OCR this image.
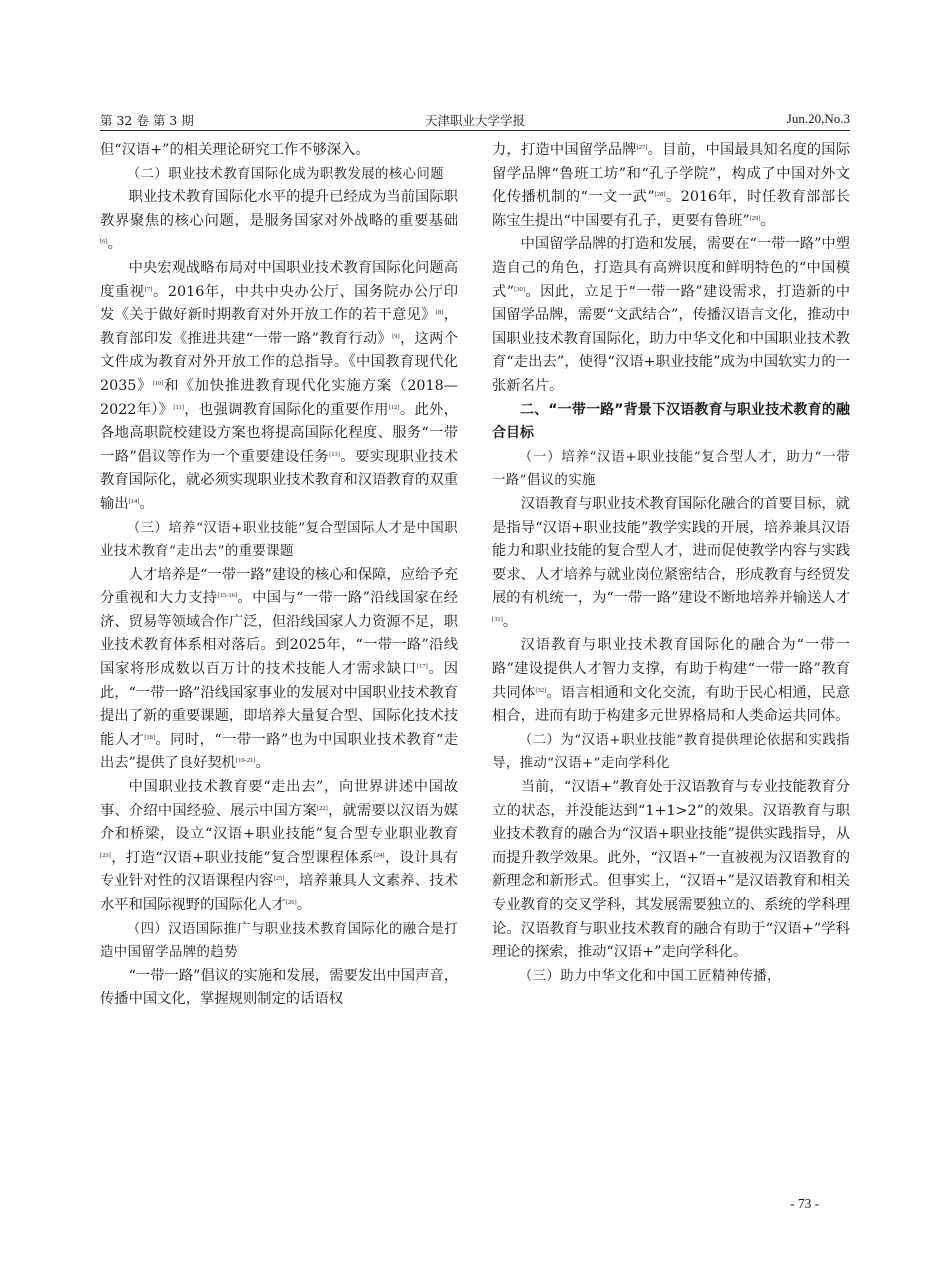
第 32 卷 第 3 期	天津职业大学学报	Jun.20,No.3

但“汉语+”的相关理论研究工作不够深入。

（二）职业技术教育国际化成为职教发展的核心问题

职业技术教育国际化水平的提升已经成为当前国际职教界聚焦的核心问题，是服务国家对外战略的重要基础[6]。

中央宏观战略布局对中国职业技术教育国际化问题高度重视[7]。2016年，中共中央办公厅、国务院办公厅印发《关于做好新时期教育对外开放工作的若干意见》[8]，教育部印发《推进共建“一带一路”教育行动》[9]，这两个文件成为教育对外开放工作的总指导。《中国教育现代化2035》[10]和《加快推进教育现代化实施方案（2018—2022年）》[11]，也强调教育国际化的重要作用[12]。此外，各地高职院校建设方案也将提高国际化程度、服务“一带一路”倡议等作为一个重要建设任务[13]。要实现职业技术教育国际化，就必须实现职业技术教育和汉语教育的双重输出[14]。

（三）培养“汉语+职业技能”复合型国际人才是中国职业技术教育“走出去”的重要课题

人才培养是“一带一路”建设的核心和保障，应给予充分重视和大力支持[15-16]。中国与“一带一路”沿线国家在经济、贸易等领域合作广泛，但沿线国家人力资源不足，职业技术教育体系相对落后。到2025年，“一带一路”沿线国家将形成数以百万计的技术技能人才需求缺口[17]。因此，“一带一路”沿线国家事业的发展对中国职业技术教育提出了新的重要课题，即培养大量复合型、国际化技术技能人才[18]。同时，“一带一路”也为中国职业技术教育“走出去”提供了良好契机[19-21]。

中国职业技术教育要“走出去”，向世界讲述中国故事、介绍中国经验、展示中国方案[22]，就需要以汉语为媒介和桥梁，设立“汉语+职业技能”复合型专业职业教育[23]，打造“汉语+职业技能”复合型课程体系[24]，设计具有专业针对性的汉语课程内容[25]，培养兼具人文素养、技术水平和国际视野的国际化人才[26]。

（四）汉语国际推广与职业技术教育国际化的融合是打造中国留学品牌的趋势

“一带一路”倡议的实施和发展，需要发出中国声音，传播中国文化，掌握规则制定的话语权

力，打造中国留学品牌[27]。目前，中国最具知名度的国际留学品牌“鲁班工坊”和“孔子学院”，构成了中国对外文化传播机制的“一文一武”[28]。2016年，时任教育部部长陈宝生提出“中国要有孔子，更要有鲁班”[29]。

中国留学品牌的打造和发展，需要在“一带一路”中塑造自己的角色，打造具有高辨识度和鲜明特色的“中国模式”[30]。因此，立足于“一带一路”建设需求，打造新的中国留学品牌，需要“文武结合”，传播汉语言文化，推动中国职业技术教育国际化，助力中华文化和中国职业技术教育“走出去”，使得“汉语+职业技能”成为中国软实力的一张新名片。

二、“一带一路”背景下汉语教育与职业技术教育的融合目标

（一）培养“汉语+职业技能”复合型人才，助力“一带一路”倡议的实施

汉语教育与职业技术教育国际化融合的首要目标，就是指导“汉语+职业技能”教学实践的开展，培养兼具汉语能力和职业技能的复合型人才，进而促使教学内容与实践要求、人才培养与就业岗位紧密结合，形成教育与经贸发展的有机统一，为“一带一路”建设不断地培养并输送人才[31]。

汉语教育与职业技术教育国际化的融合为“一带一路”建设提供人才智力支撑，有助于构建“一带一路”教育共同体[32]。语言相通和文化交流，有助于民心相通，民意相合，进而有助于构建多元世界格局和人类命运共同体。

（二）为“汉语+职业技能”教育提供理论依据和实践指导，推动“汉语+”走向学科化

当前，“汉语+”教育处于汉语教育与专业技能教育分立的状态，并没能达到“1+1>2”的效果。汉语教育与职业技术教育的融合为“汉语+职业技能”提供实践指导，从而提升教学效果。此外，“汉语+”一直被视为汉语教育的新理念和新形式。但事实上，“汉语+”是汉语教育和相关专业教育的交叉学科，其发展需要独立的、系统的学科理论。汉语教育与职业技术教育的融合有助于“汉语+”学科理论的探索，推动“汉语+”走向学科化。

（三）助力中华文化和中国工匠精神传播，

- 73 -
